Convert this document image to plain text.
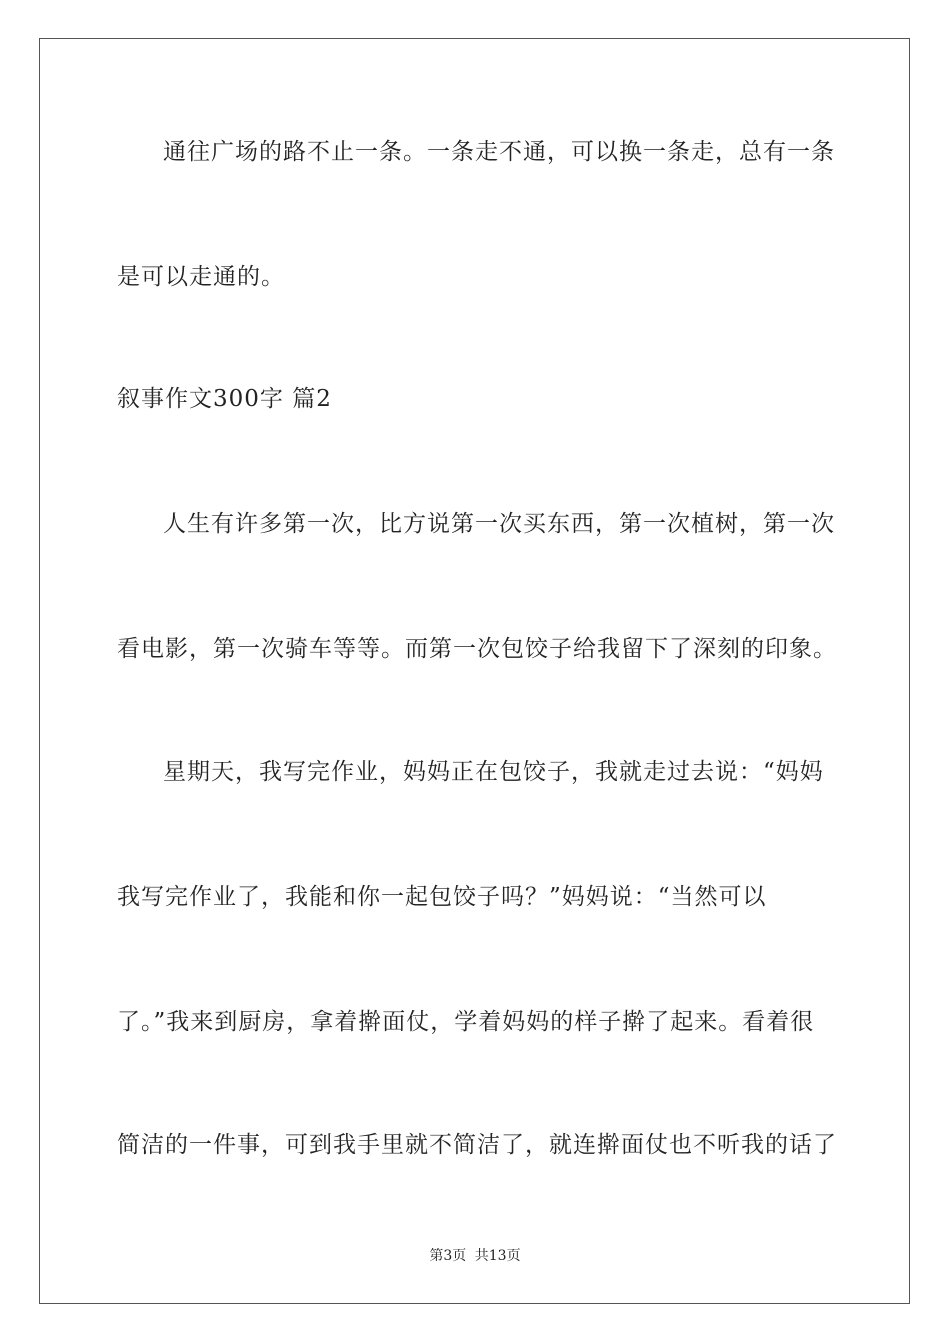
通往广场的路不止一条。一条走不通，可以换一条走，总有一条
是可以走通的。
叙事作文300字 篇2
人生有许多第一次，比方说第一次买东西，第一次植树，第一次
看电影，第一次骑车等等。而第一次包饺子给我留下了深刻的印象。
星期天，我写完作业，妈妈正在包饺子，我就走过去说：“妈妈
我写完作业了，我能和你一起包饺子吗？”妈妈说：“当然可以
了。”我来到厨房，拿着擀面仗，学着妈妈的样子擀了起来。看着很
简洁的一件事，可到我手里就不简洁了，就连擀面仗也不听我的话了
第3页 共13页
